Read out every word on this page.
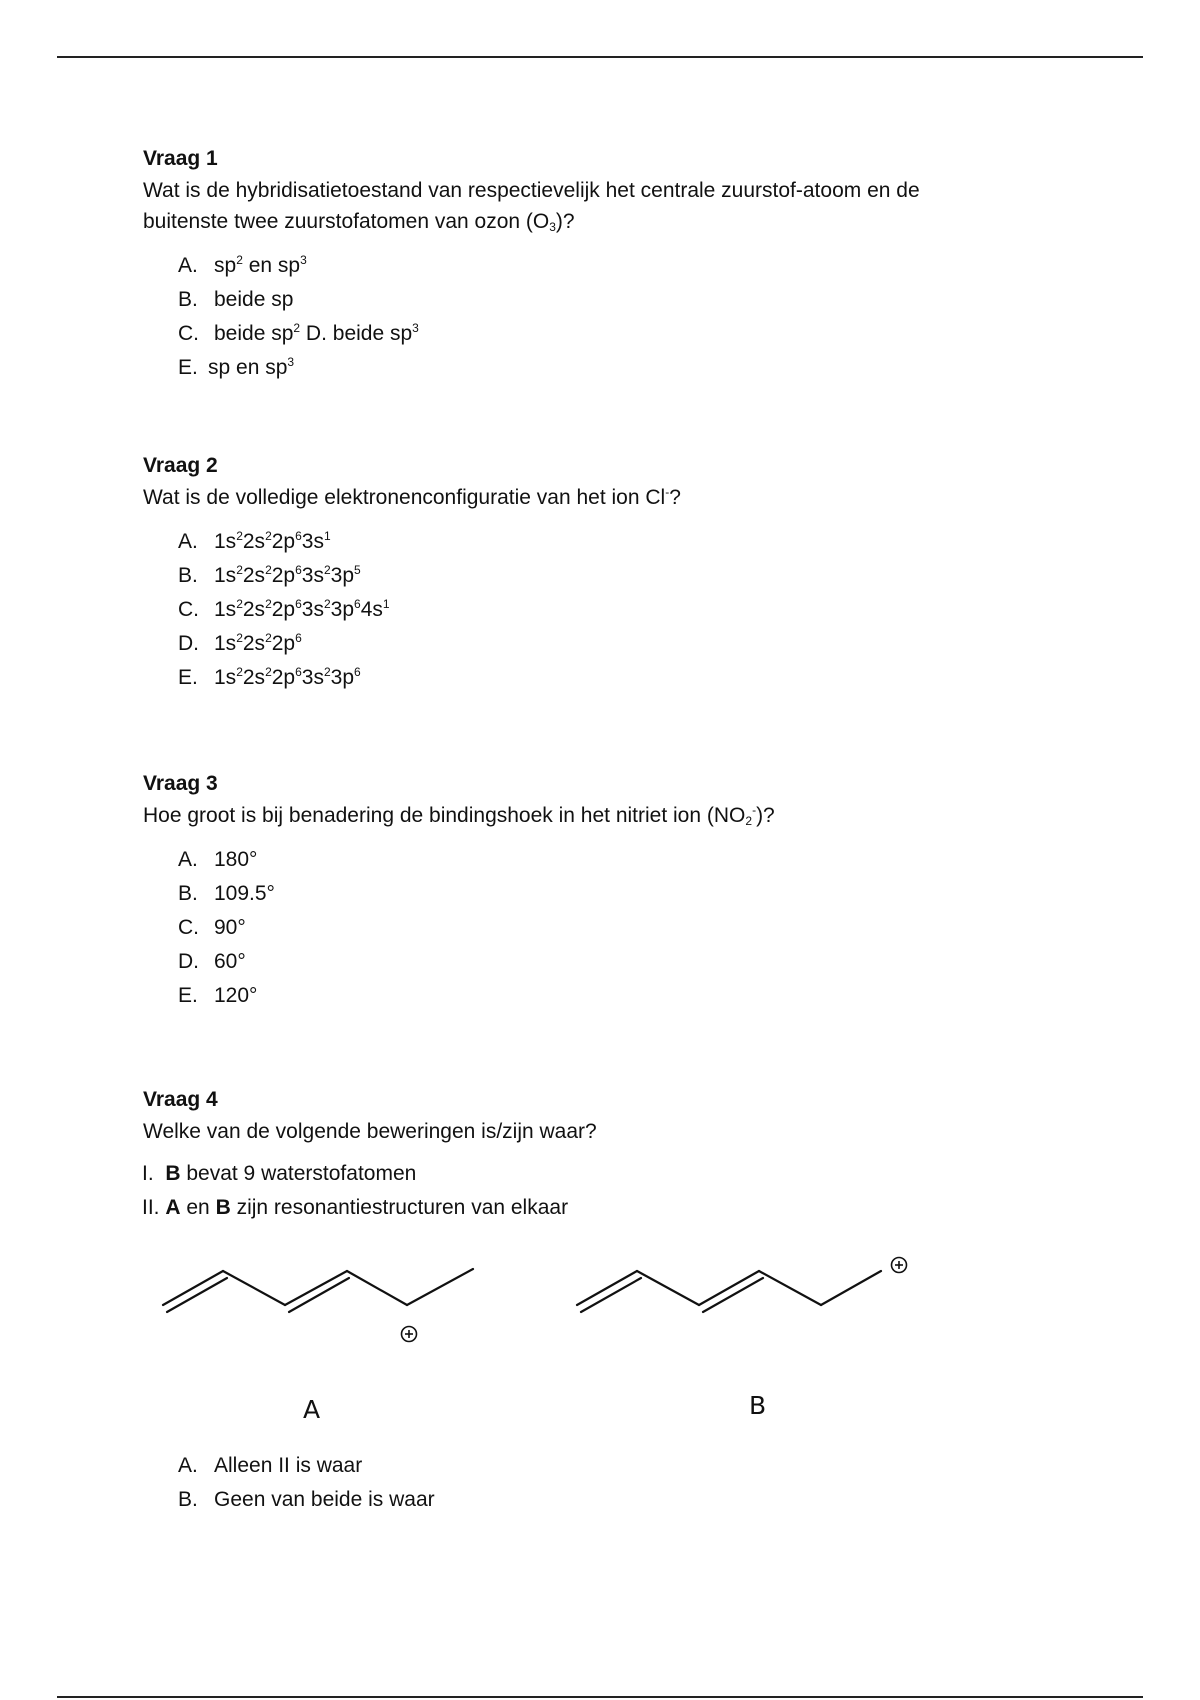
Vraag 1
Wat is de hybridisatietoestand van respectievelijk het centrale zuurstof-atoom en de
buitenste twee zuurstofatomen van ozon $(O_3)$?
A. $sp^2$ en $sp^3$
B. beide sp
C. beide $sp^2$ D. beide $sp^3$
E. sp en $sp^3$
Vraag 2
Wat is de volledige elektronenconfiguratie van het ion Cl-?
A. $1s^22s^22p^63s^1$
B. $1s^22s^22p^63s^23p^5$
C. $1s^22s^22p^63s^23p^64s^1$
D. $1s^22s^22p^6$
E. $1s^22s^22p^63s^23p^6$
Vraag 3
Hoe groot is bij benadering de bindingshoek in het nitriet ion $(NO_2^-)$?
A. 180°
B. 109.5°
C. 90°
D. 60°
E. 120°
Vraag 4
Welke van de volgende beweringen is/zijn waar?
I. B bevat 9 waterstofatomen
II. A en B zijn resonantiestructuren van elkaar
A	B
A. Alleen II is waar
B. Geen van beide is waar
